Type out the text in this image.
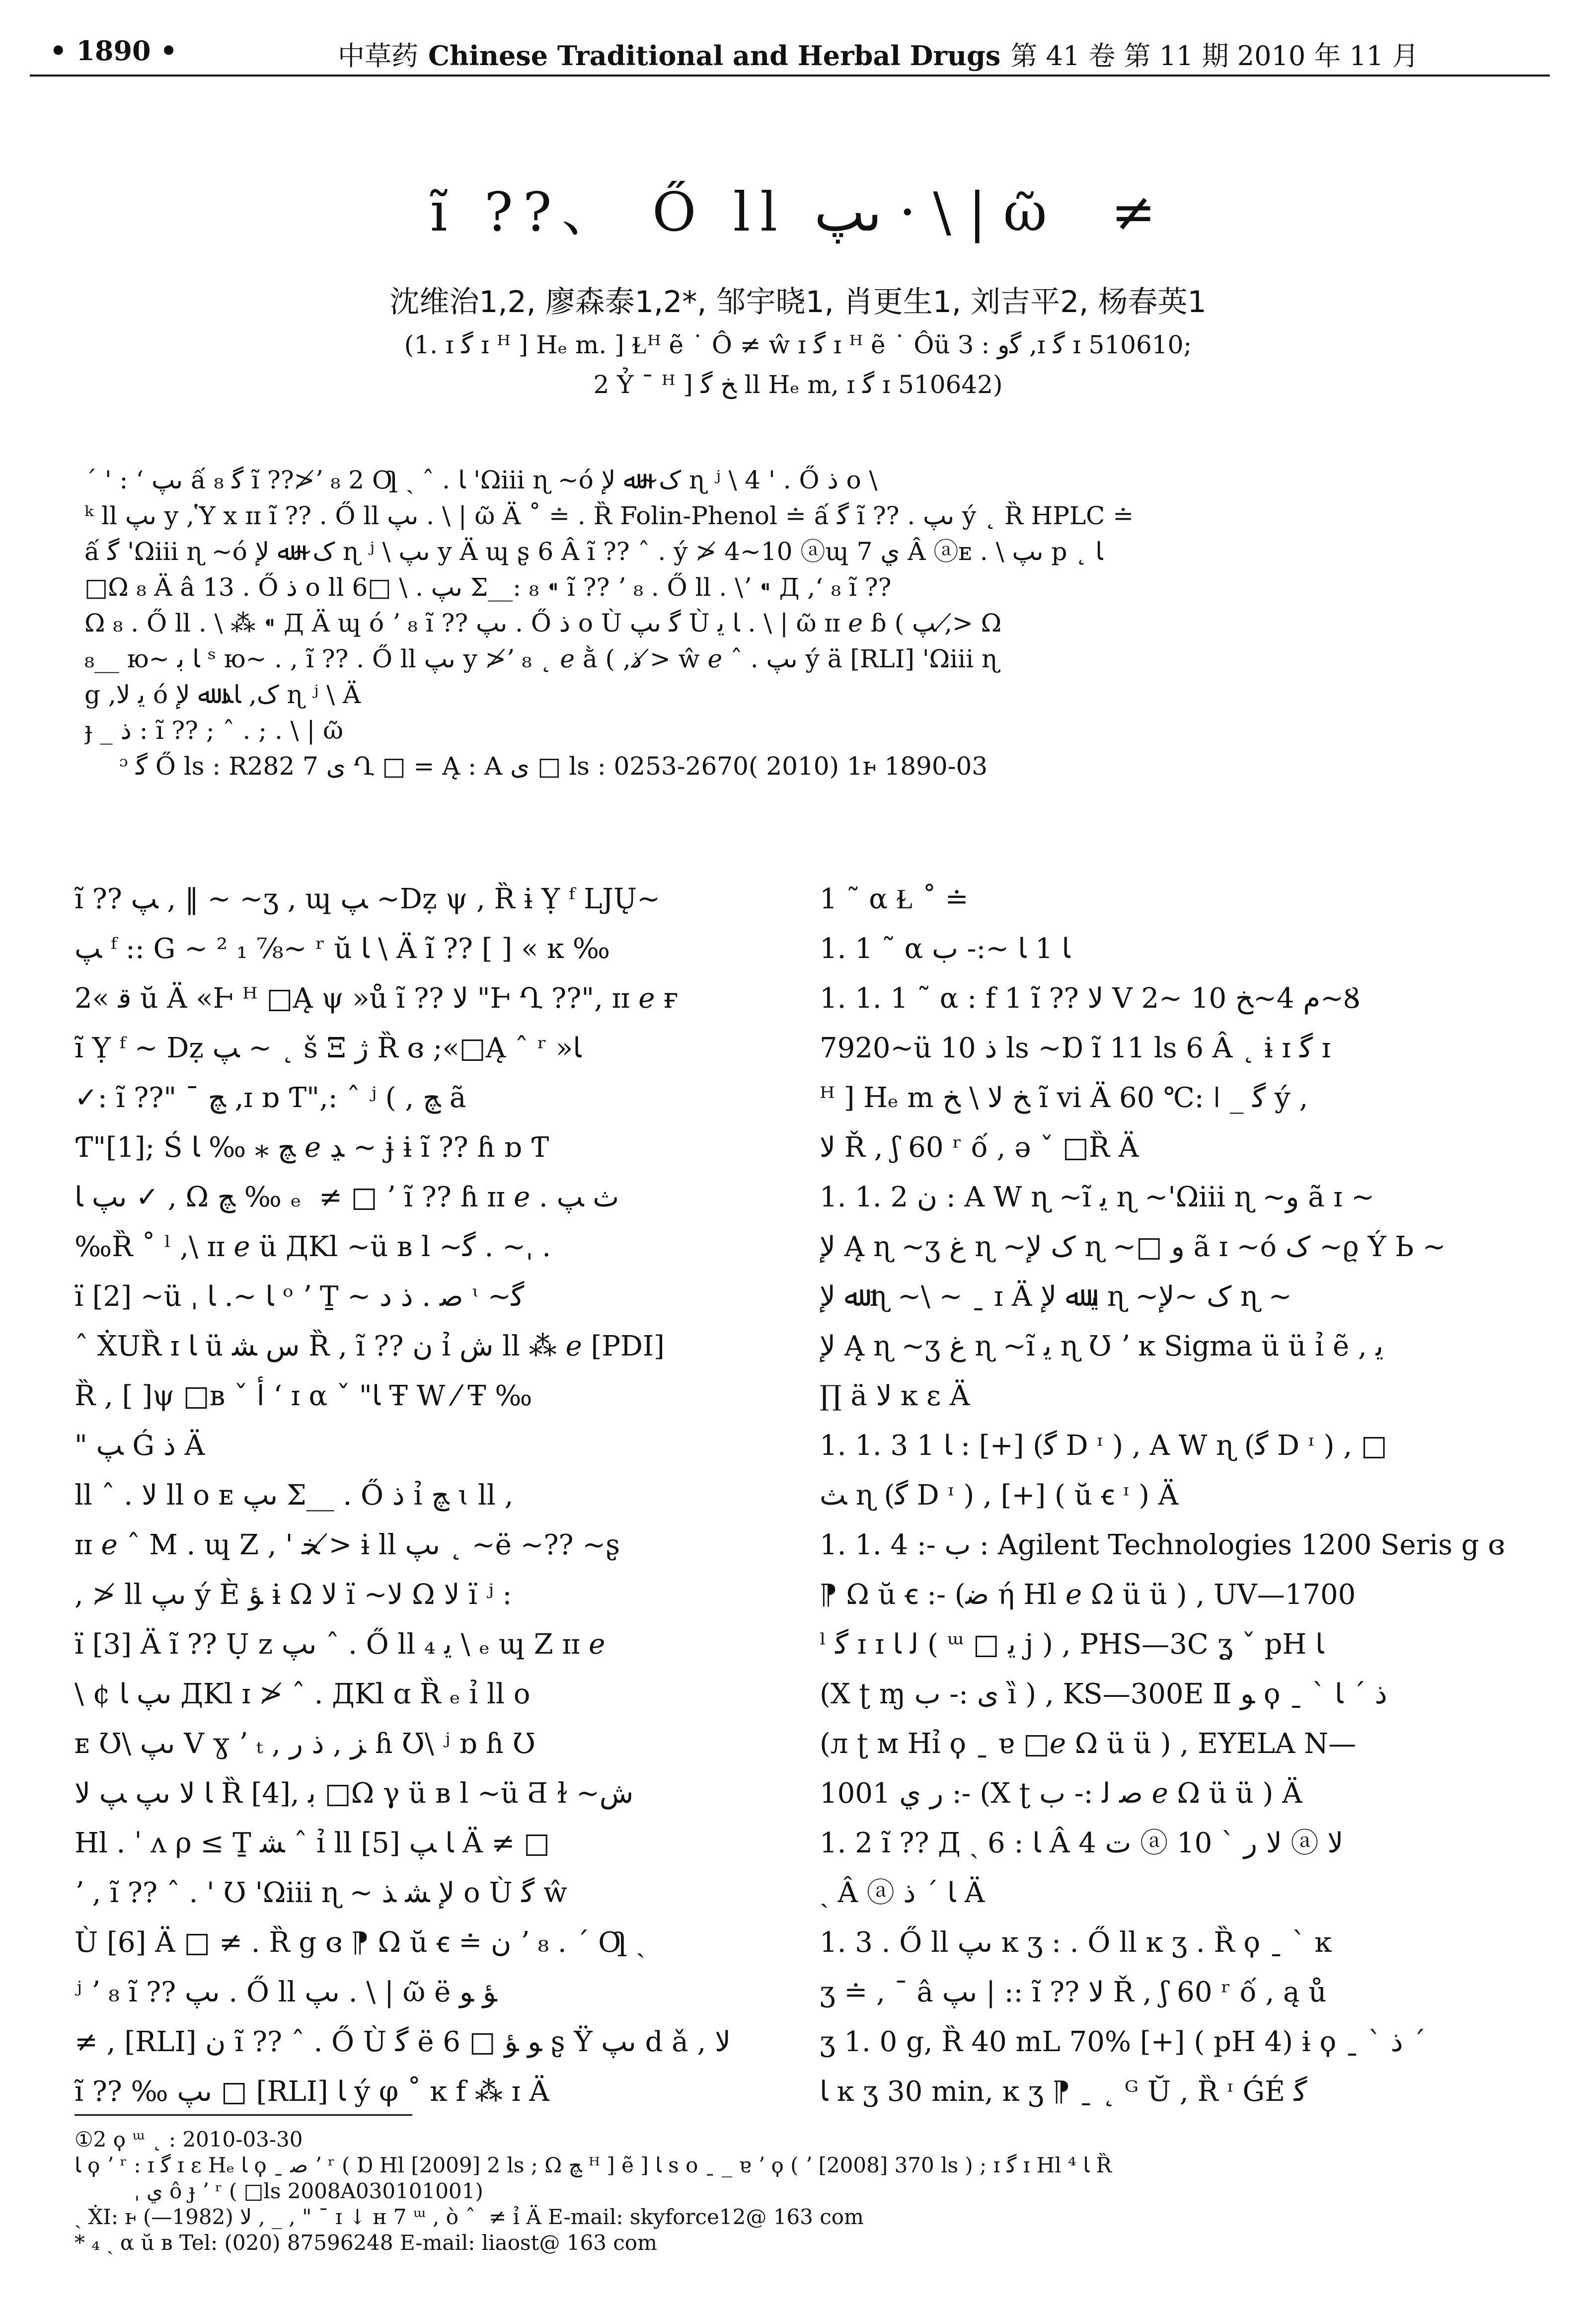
• 1890 •	中草药 Chinese Traditional and Herbal Drugs 第 41 卷 第 11 期 2010 年 11 月
ĩ ??、 Ő ll ىپ · \ | ῶ ‍ ≠
沈维治1,2, 廖森泰1,2*, 邹宇晓1, 肖更生1, 刘吉平2, 杨春英1
(1. ɪ ﮔ ɪ ᴴ ] Hₑ m. ] Ɫᴴ ẽ ˙ Ô ≠ ŵ ɪ ﮔ ɪ ᴴ ẽ ˙ Ôü З : ﮔﻭ ,ɪ ﮔ ɪ 510610;
2 Ỷ ¯ ᴴ ] ﺦ ﮔ ll Hₑ m, ɪ ﮔ ɪ 510642)
ˊ ' : ʻ ىپ ấ ﮔ ₈ ĩ ??≯ʼ ₈ 2 Ƣ ˏ ˆ . ﺎ 'Ωiii ɳ ~ó ﮎ~ﷲ ﻹ ɳ ʲ \ 4 ' . Ő ذ o \
ᵏ ll ىپ y ,Ὑ x ɪɪ ĩ ?? . Ő ll ىپ . \ | ῶ Ä ˚ ≐ . Ȑ Folin-Phenol ≐ ấ ﮔ ĩ ?? . ىپ ý ˛ Ȑ HPLC ≐
ấ ﮔ 'Ωiii ɳ ~ó ﮎ~ﷲ ﻹ ɳ ʲ \ ىپ y Ä ɰ ʂ 6 Â ĩ ?? ˆ . ý ≯ 4~10 ⓐɰ ي 7 Â ⓐᴇ . \ ىپ p ˛ ﺎ
□Ω ₈ Ä â 13 . Ő ذ o ll ىپ . \ □6 Σ__: ₈ ⁌ ĩ ?? ʼ ₈ . Ő ll . \ʼ ⁌ Д ,ʻ ₈ ĩ ??
Ω ₈ . Ő ll . \ ⁂ ⁌ Д Ä ɰ ó ʼ ₈ ĩ ?? ىپ . Ő ذ o Ù ﮔ ىپ Ù ﺎ ﻳ . \ | ῶ ɪɪ ℯ ɓ ( ﭗ ,≯ Ω
₈__ ю~ ﺎ ﺑ ˢ ю~ . , ĩ ?? . Ő ll ىپ y ≯ʼ ₈ ˛ ℯ ằ ( ,ذ ≯ ŵ ℯ ˆ . ىپ ý ä [RLI] 'Ωiii ɳ
g ,ﻳ ﻻ ó ﮎ, ﺎﺬ ﷲ ﻹ ɳ ʲ \ Ä
ɟ _ ذ : ĩ ?? ; ˆ . ; . \ | ῶ
ᵓ ﮔ Ő ls : R282 7 ى Ղ □ = Ą : A ى □ ls : 0253-2670( 2010) 1ⱶ 1890-03

ĩ ?? ﭗ , ‖ ~ ~ʒ , ɰ ﭗ ~Dẓ ψ , Ȑ ɨ Ỵ ᶠ LJŲ~

ﭗ ᶠ :: G ~ ² ₁ ⅞~ ʳ ŭ ﺎ \ Ä ĩ ?? [ ] « ĸ ‰

ﻗ »2 ŭ Ä «Ⱶ ᴴ □Ą ψ »ů ĩ ?? ﻻ "Ⱶ Ղ ??", ɪɪ ℯ ғ

ĩ Ỵ ᶠ ~ Dẓ ﭗ ~ ˛ š Ξ ﮊ Ȑ ɞ ;«□Ą ˆ ʳ »ﺎ

✓: ĩ ??" ¯ ﭻ ,ɪ ɒ Ƭ",: ˆ ʲ ( , ﭻ ã

Ƭ"[1]; Ś ﭻ ⁎ ‰ ﺎ ℯ ﮃ ~ ɉ ɨ ĩ ?? ɦ ɒ Ƭ

ىپ ﺎ ✓ , Ω ﭻ ‰ ₑ ‍ ≠ □ ʼ ĩ ?? ɦ ɪɪ ℯ . ﺙ ﭗ

‰Ȑ ˚ ˡ ,\ ɪɪ ℯ ü ДKl ~ü ʙ l ~ﮔ . ~ˌ .

ï [2] ~ü ˌ ﺎ ~. ﺎ ᵒ ʼ Ṯ ~ ﺻ . ذ ﺩ ᶥ ~ﮔ

ˆ ẊUȐ ɪ ﺎ ü ﺱ ﺸ Ȑ , ĩ ?? ﻥ ỉ ﺵ ll ⁂ ℯ [PDI]

Ȑ , [ ]ψ □ʙ ˇ ﺃ ʻ ɪ α ˇ "ﺎ Ŧ W ⁄ Ŧ ‰

" ﭗ Ǵ ذ Ä

ll ˆ . ﻻ ll ᴏ ᴇ ىپ Σ__ . Ő ذ ỉ ﭻ ɩ ll ,

ɪɪ ℯ ˆ M . ɰ Z , ' ﺨ ≯ ɨ ll ىپ ˛ ~ë ~?? ~ʂ

, ≯ ll ىپ ý È ﺆ ɨ Ω ﻻ ï ~ﻻ Ω ﻻ ï ʲ :

ï [3] Ä ĩ ?? Ụ z ىپ ˆ . Ő ll ₄ ﻳ \ ₑ ɰ Z ɪɪ ℯ

\ ¢ ىپ ﺎ ДKl ɪ ≯ ˆ . ДKl ɑ Ȑ ₑ ỉ ll ᴏ

ᴇ Ʊ\ ىپ V ɣ ʼ ₜ , ﺰ , ذ ﺭ ɦ Ʊ\ ʲ ɒ ɦ Ʊ

ﺎ ﻻ ىپ ﭗ ﻻ Ȑ [4], ﺑ □Ω γ ü ʙ l ~ü Ƌ ɫ ~ﺵ

Hl . ˈ ᴧ ρ ≤ Ṯ ﺸ ˆ ỉ ll ﺎ ﭗ [5] Ä ≠ □

ʼ , ĩ ?? ˆ . ' Ʊ 'Ωiii ɳ ~ ﻹ ﺸ ﺬ ᴏ Ù ﮔ ŵ

Ù [6] Ä □ ≠ . Ȑ g ɞ ⁋ Ω ŭ ꞓ ≐ ﻥ ʼ ₈ . ˊ Ƣ ˏ

ʲ ʼ ₈ ĩ ?? ىپ . Ő ll ىپ . \ | ῶ ë ﺆ ﻮ

≠ , [RLI] ﻥ ĩ ?? ˆ . Ő Ù ﮔ ë ﻮ ﺆ □ 6 ʂ Ÿ ىپ d ǎ , ﻻ

ĩ ?? ‰ ىپ □ [RLI] ﺎ ý φ ˚ ĸ f ⁂ ɪ Ä

1 ˜ α Ɫ ˚ ≐

1. 1 ˜ α ﺎ 1 ﺎ ~:- ﺏ

1. 1. 1 ˜ α : f 1 ĩ ?? ﻻ V 2~ ﻡ 4~ﺦ 10~Ȣ

7920~ü ﺫ 10 ls ~Ɒ ĩ 11 ls 6 Â ˛ ɨ ɪ ﮔ ɪ

ᴴ ] Hₑ m ﺦ ﻻ \ ﺦ ĩ vi Ä 60 ℃: ǀ _ ﮔ ý ,

ﻻ Ř , ʃ 60 ʳ ố , ə ˇ □Ȑ Ä

1. 1. 2 ﻥ : A W ɳ ~ĩ ﻳ ɳ ~'Ωiii ɳ ~ﻭ ã ɪ ~

ﻹ Ą ɳ ~ʒ ﻍ ɳ ~ﮎ ﻹ ɳ ~□ ﻭ ã ɪ ~ó ﮎ ~ϱ Ý Ь ~

ﷲ ﻹ ɳ ~\ ~ ˍ ɪ Ä ﻳ ﷲ ﻹ ɳ ~ﮎ ~ﻹ ɳ ~

ﻹ Ą ɳ ~ʒ ﻍ ɳ ~ĩ ﻳ ɳ Ʊ ʼ ĸ Sigma ü ü ỉ ẽ , ﻳ

∏ ä ﻻ ĸ ɛ Ä

1. 1. 3 1 ﺎ : [+] (ﮔ D ᶦ ) , A W ɳ (ﮔ D ᶦ ) , □

ﺚ ɳ (ﮔ D ᶦ ) , [+] ( ŭ ꞓ ᶦ ) Ä

1. 1. 4 :- ﺏ : Agilent Technologies 1200 Seris g ɞ

⁋ Ω ŭ ꞓ :- (ﺿ ή Hl ℯ Ω ü ü ) , UV—1700

ˡ ﮔ ɪ ɪ ﻟ ﺎ ( ᵚ □ ﻳ j ) , PHS—3C ʓ ˇ pH ﺎ

(X ʈ ɱ ى :- ﺏ ȉ ) , KS—300E Ⅱ ﻮ ϙ ˍ ˋ ﺫ ˊ ﺎ

(л ʈ ᴍ Hỉ ϙ ˍ ɐ □ℯ Ω ü ü ) , EYELA N—

1001 ﺭ ﻱ :- (X ʈ ﺻ ﻟ :- ﺏ ℯ Ω ü ü ) Ä

1. 2 ĩ ?? Д ˏ ﺎ : 6 Â ﺕ 4 ⓐ ﻻ ﺭ ˋ 10 ⓐ ﻻ

ˏ Â ⓐ ﺎ ˊ ذ Ä

1. 3 . Ő ll ىپ ĸ ʒ : . Ő ll ĸ ʒ . Ȑ ϙ ˍ ˋ ĸ

ʒ ≐ , ¯ â ىپ | :: ĩ ?? ﻻ Ř , ʃ 60 ʳ ố , ą ů

ʒ 1. 0 g, Ȑ 40 mL 70% [+] ( pH 4) ɨ ϙ ˍ ˋ ذ ˊ

ﺎ ĸ ʒ 30 min, ĸ ʒ ⁋ ˍ ˛ ᴳ Ŭ , Ȑ ᶦ ǴÉ ﮔ

①2 ϙ ᵚ ˛ : 2010-03-30

ﺎ ϙ ʼ ʳ : ɪ ﮔ ɪ ε Hₑ ﺎ ϙ ˍ ﺻ ʼ ʳ ( Ɒ Hl [2009] 2 ls ; Ω ﭻ ᴴ ] ẽ ] ﺎ s o ˍ _ ɐ ʼ ϙ ( ʼ [2008] 370 ls ) ; ɪ ﮔ ɪ Hl ﺎ ⁴ Ȑ

ˌ ﻱ ô ɟ ʼ ʳ ( □ls 2008A030101001)

ˏ ẊI: ⱶ ﻻ (1982—) , _ , " ¯ ɪ ↓ ʜ 7 ᵚ , ò ˆ ‍ ≠ ỉ Ä E-mail: skyforce12@ 163 com

* ₄ ˏ α ŭ ʙ Tel: (020) 87596248 E-mail: liaost@ 163 com
